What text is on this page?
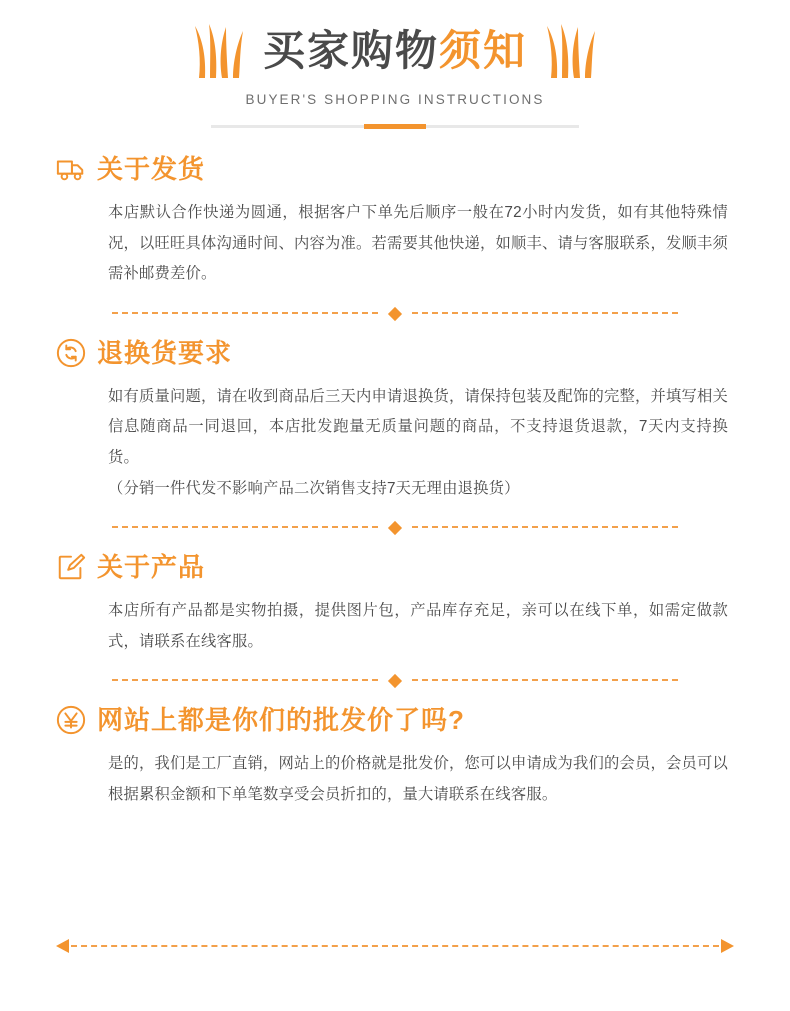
买家购物须知
BUYER'S SHOPPING INSTRUCTIONS
关于发货

本店默认合作快递为圆通，根据客户下单先后顺序一般在72小时内发货，如有其他特殊情况，以旺旺具体沟通时间、内容为准。若需要其他快递，如顺丰、请与客服联系，发顺丰须需补邮费差价。

退换货要求

如有质量问题，请在收到商品后三天内申请退换货，请保持包装及配饰的完整，并填写相关信息随商品一同退回，本店批发跑量无质量问题的商品，不支持退货退款，7天内支持换货。

（分销一件代发不影响产品二次销售支持7天无理由退换货）

关于产品

本店所有产品都是实物拍摄，提供图片包，产品库存充足，亲可以在线下单，如需定做款式，请联系在线客服。

网站上都是你们的批发价了吗?

是的，我们是工厂直销，网站上的价格就是批发价，您可以申请成为我们的会员，会员可以根据累积金额和下单笔数享受会员折扣的，量大请联系在线客服。
